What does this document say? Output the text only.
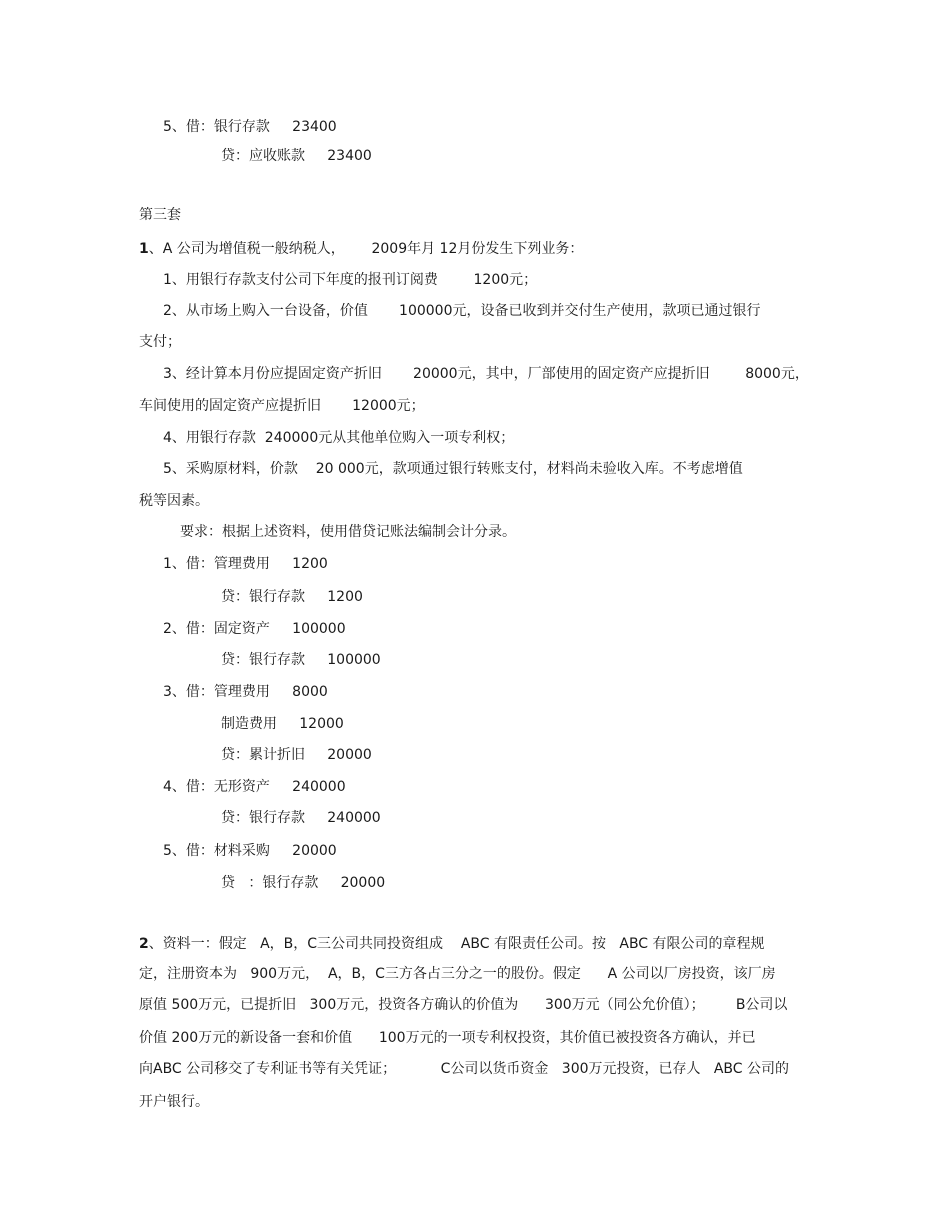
5、借：银行存款     23400
贷：应收账款     23400
第三套
1、A 公司为增值税一般纳税人，      2009年月 12月份发生下列业务：
1、用银行存款支付公司下年度的报刊订阅费        1200元；
2、从市场上购入一台设备，价值       100000元，设备已收到并交付生产使用，款项已通过银行
支付；
3、经计算本月份应提固定资产折旧       20000元，其中，厂部使用的固定资产应提折旧        8000元，
车间使用的固定资产应提折旧       12000元；
4、用银行存款  240000元从其他单位购入一项专利权；
5、采购原材料，价款    20 000元，款项通过银行转账支付，材料尚未验收入库。不考虑增值
税等因素。
要求：根据上述资料，使用借贷记账法编制会计分录。
1、借：管理费用     1200
贷：银行存款     1200
2、借：固定资产     100000
贷：银行存款     100000
3、借：管理费用     8000
制造费用     12000
贷：累计折旧     20000
4、借：无形资产     240000
贷：银行存款     240000
5、借：材料采购     20000
贷   ：银行存款     20000
2、资料一：假定   A，B，C三公司共同投资组成    ABC 有限责任公司。按   ABC 有限公司的章程规
定，注册资本为   900万元，  A，B，C三方各占三分之一的股份。假定      A 公司以厂房投资，该厂房
原值 500万元，已提折旧   300万元，投资各方确认的价值为      300万元（同公允价值）；       B公司以
价值 200万元的新设备一套和价值      100万元的一项专利权投资，其价值已被投资各方确认，并已
向ABC 公司移交了专利证书等有关凭证；          C公司以货币资金   300万元投资，已存人   ABC 公司的
开户银行。
